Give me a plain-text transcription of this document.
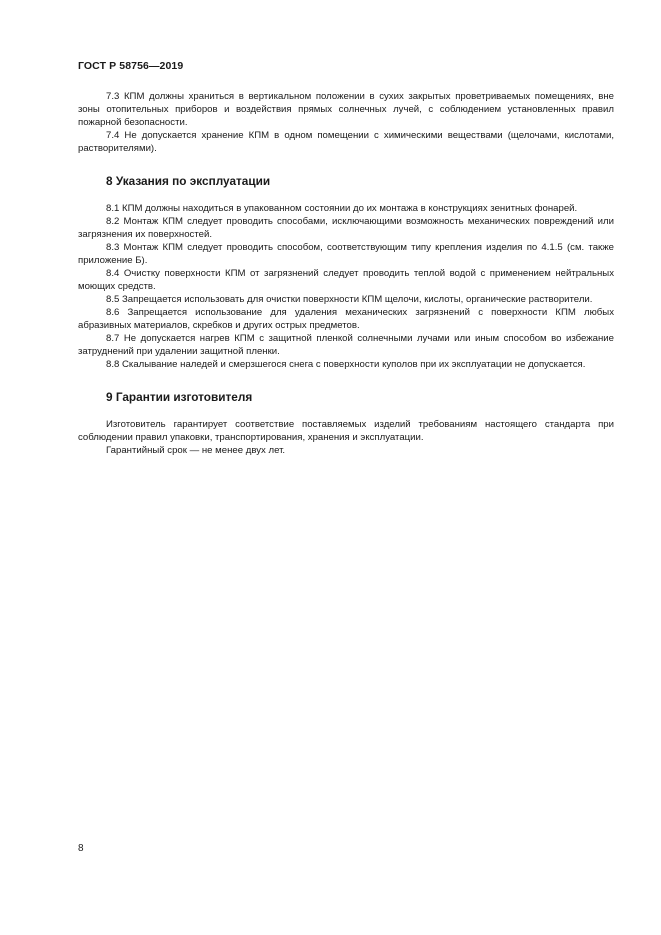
ГОСТ Р 58756—2019

7.3 КПМ должны храниться в вертикальном положении в сухих закрытых проветриваемых помещениях, вне зоны отопительных приборов и воздействия прямых солнечных лучей, с соблюдением установленных правил пожарной безопасности.

7.4 Не допускается хранение КПМ в одном помещении с химическими веществами (щелочами, кислотами, растворителями).

8 Указания по эксплуатации

8.1 КПМ должны находиться в упакованном состоянии до их монтажа в конструкциях зенитных фонарей.

8.2 Монтаж КПМ следует проводить способами, исключающими возможность механических повреждений или загрязнения их поверхностей.

8.3 Монтаж КПМ следует проводить способом, соответствующим типу крепления изделия по 4.1.5 (см. также приложение Б).

8.4 Очистку поверхности КПМ от загрязнений следует проводить теплой водой с применением нейтральных моющих средств.

8.5 Запрещается использовать для очистки поверхности КПМ щелочи, кислоты, органические растворители.

8.6 Запрещается использование для удаления механических загрязнений с поверхности КПМ любых абразивных материалов, скребков и других острых предметов.

8.7 Не допускается нагрев КПМ с защитной пленкой солнечными лучами или иным способом во избежание затруднений при удалении защитной пленки.

8.8 Скалывание наледей и смерзшегося снега с поверхности куполов при их эксплуатации не допускается.

9 Гарантии изготовителя

Изготовитель гарантирует соответствие поставляемых изделий требованиям настоящего стандарта при соблюдении правил упаковки, транспортирования, хранения и эксплуатации.

Гарантийный срок — не менее двух лет.

8
